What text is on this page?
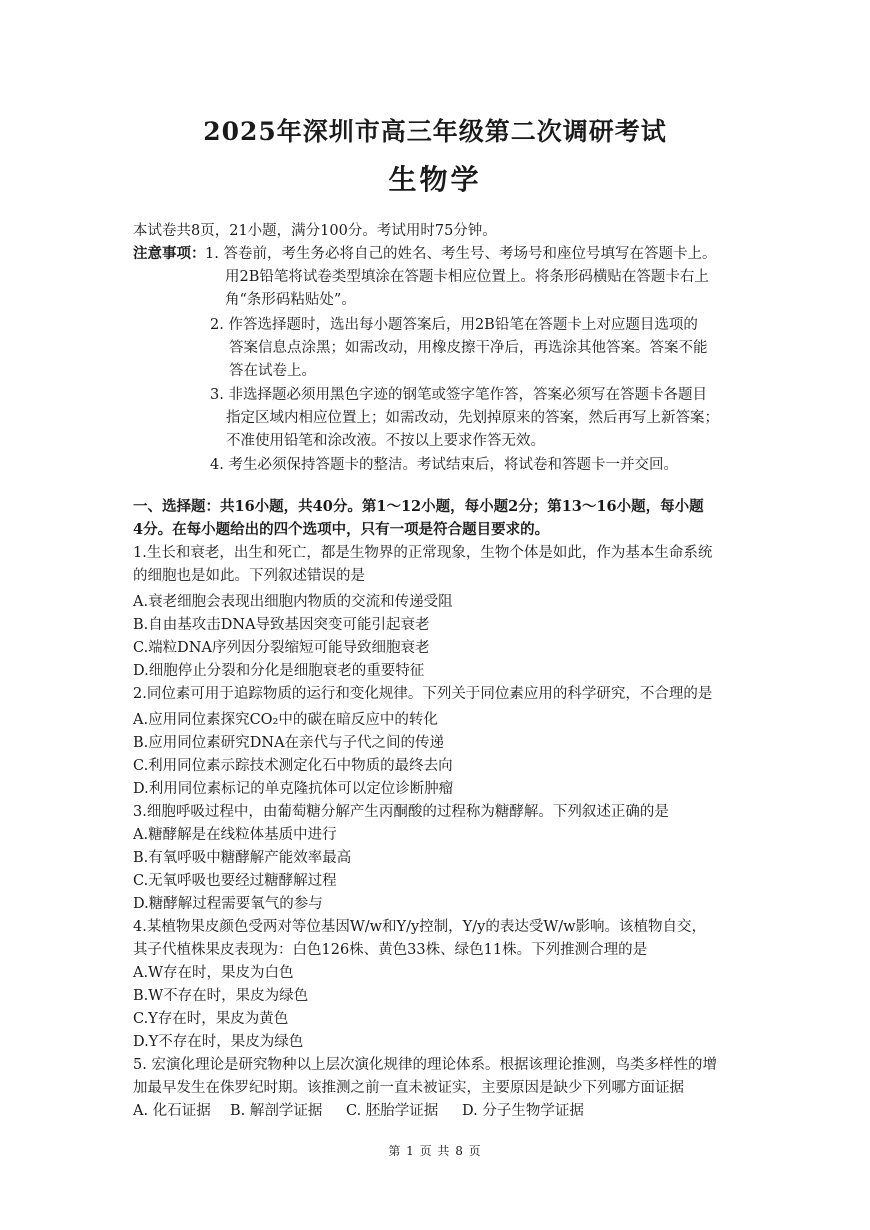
2025年深圳市高三年级第二次调研考试
生物学
本试卷共8页，21小题，满分100分。考试用时75分钟。
注意事项： 1. 答卷前，考生务必将自己的姓名、考生号、考场号和座位号填写在答题卡上。
用2B铅笔将试卷类型填涂在答题卡相应位置上。将条形码横贴在答题卡右上
角“条形码粘贴处”。
2. 作答选择题时，选出每小题答案后，用2B铅笔在答题卡上对应题目选项的
答案信息点涂黑；如需改动，用橡皮擦干净后，再选涂其他答案。答案不能
答在试卷上。
3. 非选择题必须用黑色字迹的钢笔或签字笔作答，答案必须写在答题卡各题目
指定区域内相应位置上；如需改动，先划掉原来的答案，然后再写上新答案；
不准使用铅笔和涂改液。不按以上要求作答无效。
4. 考生必须保持答题卡的整洁。考试结束后，将试卷和答题卡一并交回。
一、选择题：共16小题，共40分。第1～12小题，每小题2分；第13～16小题，每小题
4分。在每小题给出的四个选项中，只有一项是符合题目要求的。
1.生长和衰老，出生和死亡，都是生物界的正常现象，生物个体是如此，作为基本生命系统
的细胞也是如此。下列叙述错误的是
A.衰老细胞会表现出细胞内物质的交流和传递受阻
B.自由基攻击DNA导致基因突变可能引起衰老
C.端粒DNA序列因分裂缩短可能导致细胞衰老
D.细胞停止分裂和分化是细胞衰老的重要特征
2.同位素可用于追踪物质的运行和变化规律。下列关于同位素应用的科学研究，不合理的是
A.应用同位素探究CO₂中的碳在暗反应中的转化
B.应用同位素研究DNA在亲代与子代之间的传递
C.利用同位素示踪技术测定化石中物质的最终去向
D.利用同位素标记的单克隆抗体可以定位诊断肿瘤
3.细胞呼吸过程中，由葡萄糖分解产生丙酮酸的过程称为糖酵解。下列叙述正确的是
A.糖酵解是在线粒体基质中进行
B.有氧呼吸中糖酵解产能效率最高
C.无氧呼吸也要经过糖酵解过程
D.糖酵解过程需要氧气的参与
4.某植物果皮颜色受两对等位基因W/w和Y/y控制，Y/y的表达受W/w影响。该植物自交，
其子代植株果皮表现为：白色126株、黄色33株、绿色11株。下列推测合理的是
A.W存在时，果皮为白色
B.W不存在时，果皮为绿色
C.Y存在时，果皮为黄色
D.Y不存在时，果皮为绿色
5. 宏演化理论是研究物种以上层次演化规律的理论体系。根据该理论推测，鸟类多样性的增
加最早发生在侏罗纪时期。该推测之前一直未被证实，主要原因是缺少下列哪方面证据
A. 化石证据 B. 解剖学证据 C. 胚胎学证据 D. 分子生物学证据
第 1 页 共 8 页
